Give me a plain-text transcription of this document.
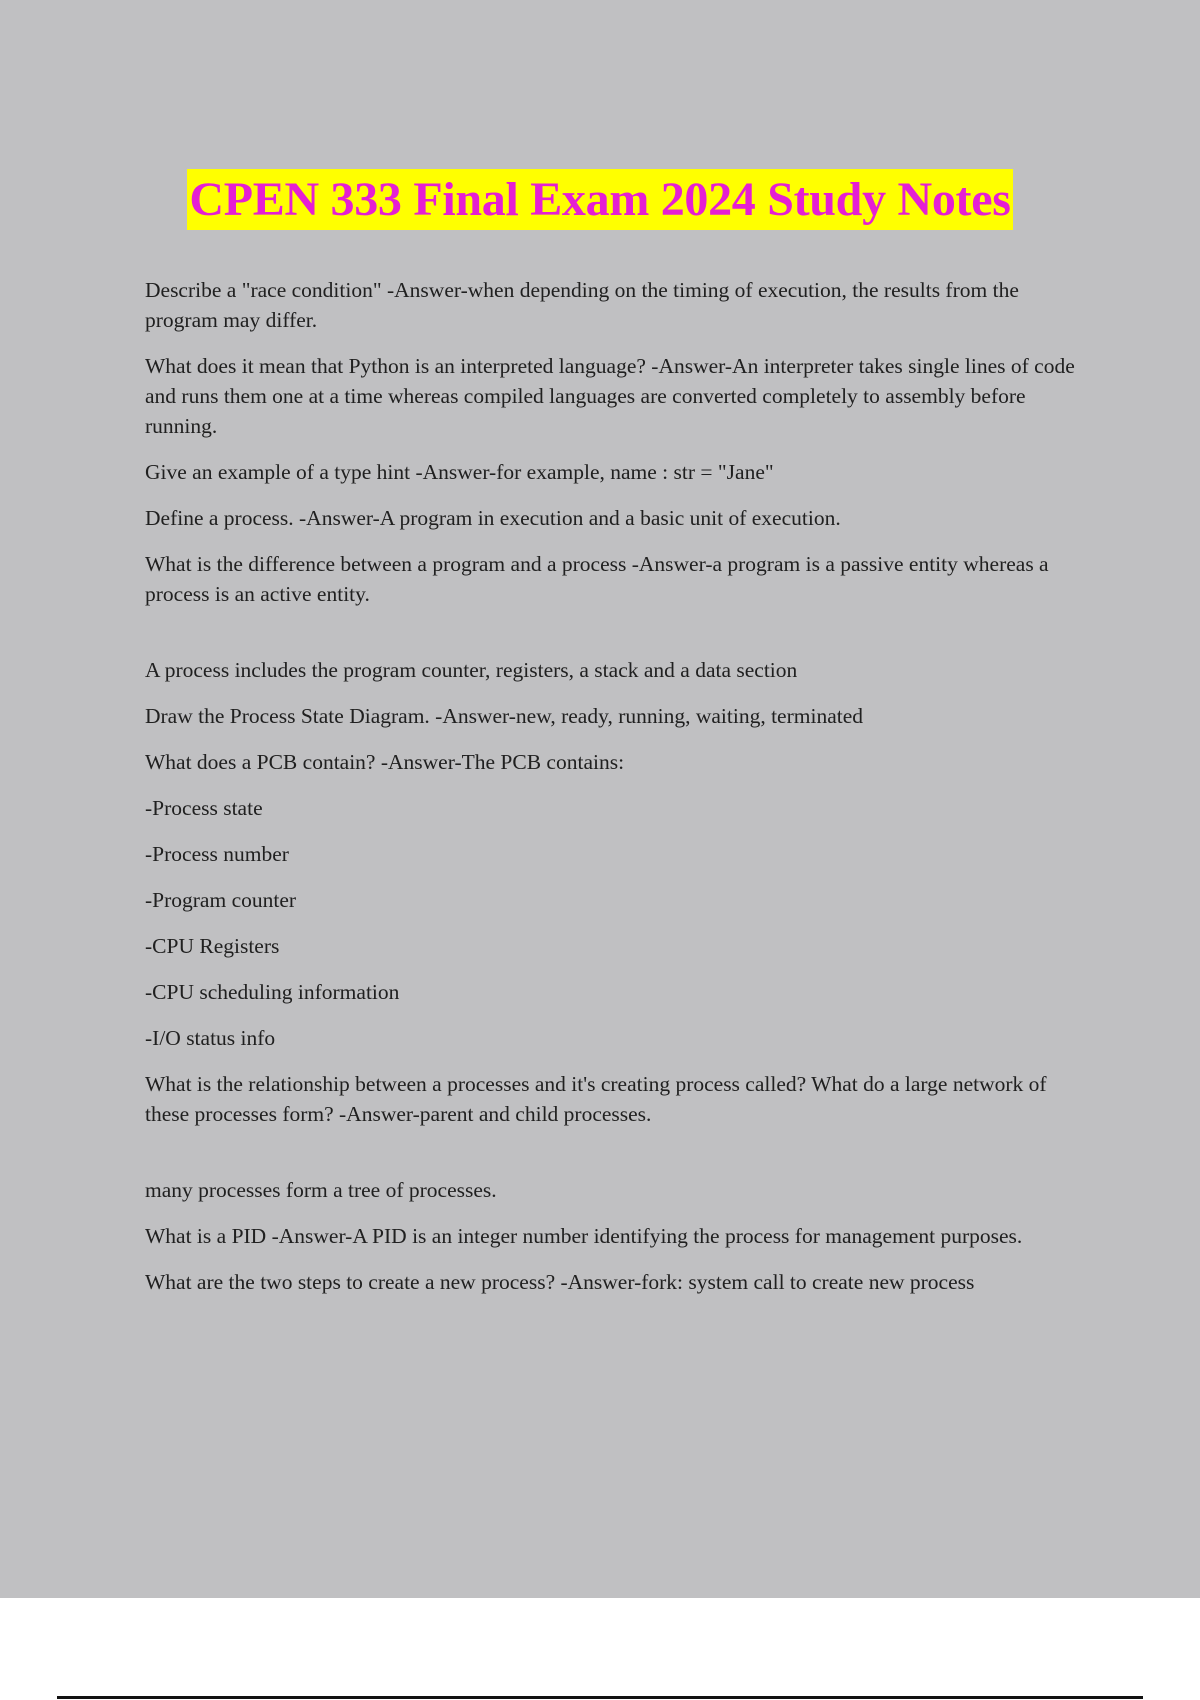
CPEN 333 Final Exam 2024 Study Notes

Describe a "race condition" -Answer-when depending on the timing of execution, the results from the program may differ.

What does it mean that Python is an interpreted language? -Answer-An interpreter takes single lines of code and runs them one at a time whereas compiled languages are converted completely to assembly before running.

Give an example of a type hint -Answer-for example, name : str = "Jane"

Define a process. -Answer-A program in execution and a basic unit of execution.

What is the difference between a program and a process -Answer-a program is a passive entity whereas a process is an active entity.

A process includes the program counter, registers, a stack and a data section

Draw the Process State Diagram. -Answer-new, ready, running, waiting, terminated

What does a PCB contain? -Answer-The PCB contains:

-Process state

-Process number

-Program counter

-CPU Registers

-CPU scheduling information

-I/O status info

What is the relationship between a processes and it's creating process called? What do a large network of these processes form? -Answer-parent and child processes.

many processes form a tree of processes.

What is a PID -Answer-A PID is an integer number identifying the process for management purposes.

What are the two steps to create a new process? -Answer-fork: system call to create new process
